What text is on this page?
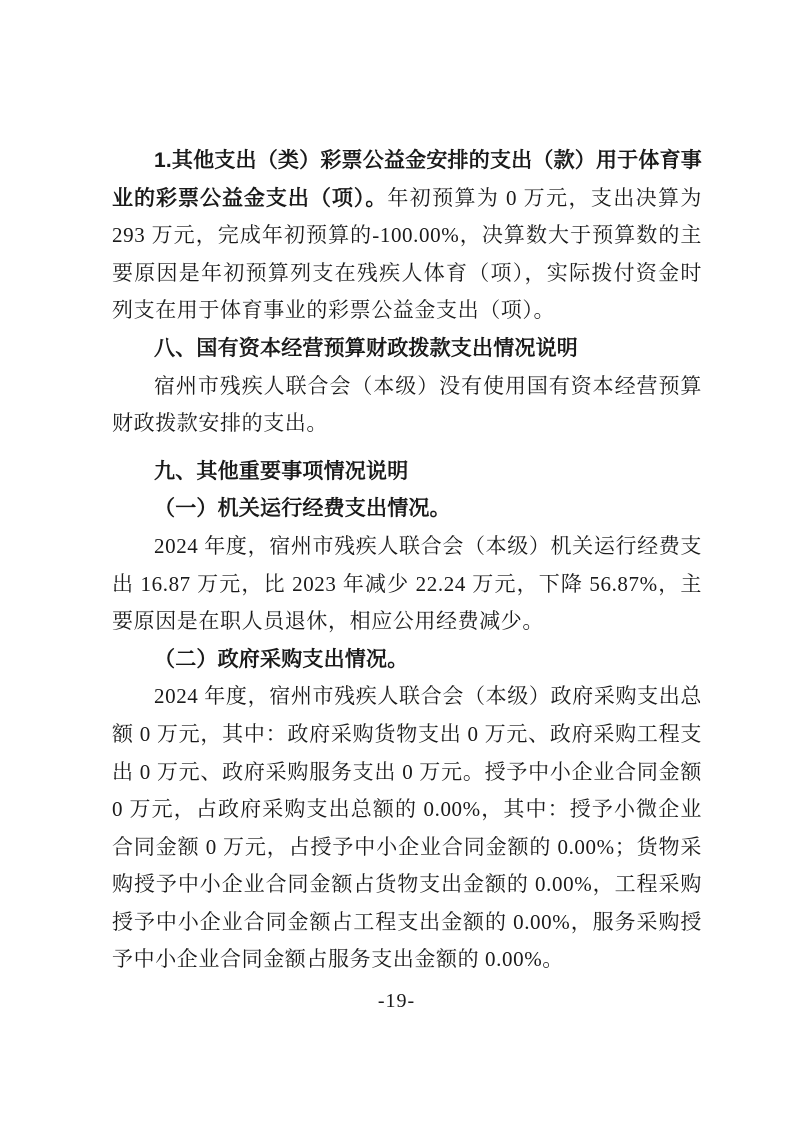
1.其他支出（类）彩票公益金安排的支出（款）用于体育事业的彩票公益金支出（项）。年初预算为 0 万元，支出决算为 293 万元，完成年初预算的-100.00%，决算数大于预算数的主要原因是年初预算列支在残疾人体育（项），实际拨付资金时列支在用于体育事业的彩票公益金支出（项）。

八、国有资本经营预算财政拨款支出情况说明

宿州市残疾人联合会（本级）没有使用国有资本经营预算财政拨款安排的支出。

九、其他重要事项情况说明
（一）机关运行经费支出情况。

2024 年度，宿州市残疾人联合会（本级）机关运行经费支出 16.87 万元，比 2023 年减少 22.24 万元，下降 56.87%，主要原因是在职人员退休，相应公用经费减少。

（二）政府采购支出情况。

2024 年度，宿州市残疾人联合会（本级）政府采购支出总额 0 万元，其中：政府采购货物支出 0 万元、政府采购工程支出 0 万元、政府采购服务支出 0 万元。授予中小企业合同金额 0 万元，占政府采购支出总额的 0.00%，其中：授予小微企业合同金额 0 万元，占授予中小企业合同金额的 0.00%；货物采购授予中小企业合同金额占货物支出金额的 0.00%，工程采购授予中小企业合同金额占工程支出金额的 0.00%，服务采购授予中小企业合同金额占服务支出金额的 0.00%。

-19-
